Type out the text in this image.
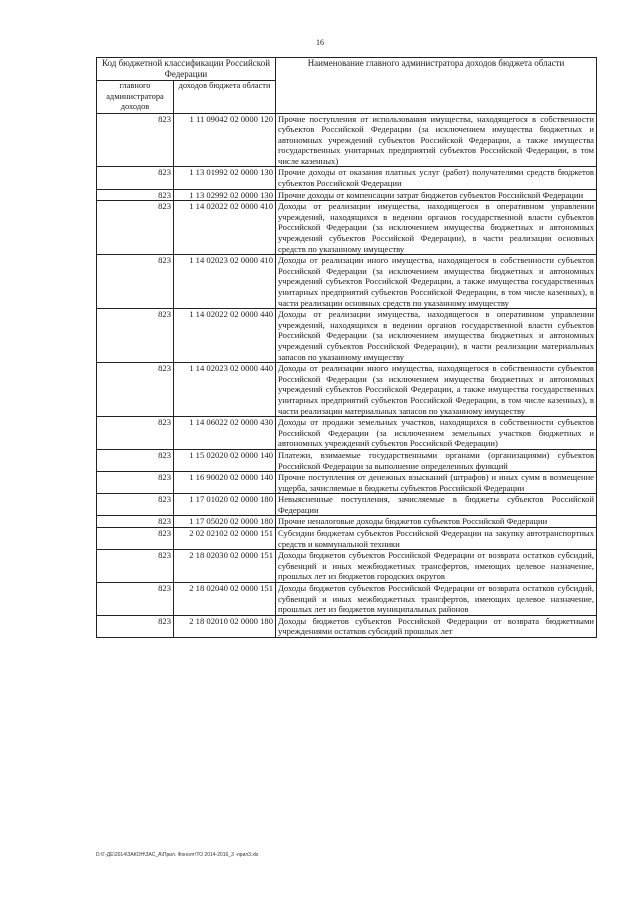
16
Код бюджетной классификации Российской Федерации		Наименование главного администратора доходов бюджета области
главного администратора доходов	доходов бюджета области	
823	1 11 09042 02 0000 120	Прочие поступления от использования имущества, находящегося в собственности субъектов Российской Федерации (за исключением имущества бюджетных и автономных учреждений субъектов Российской Федерации, а также имущества государственных унитарных предприятий субъектов Российской Федерации, в том числе казенных)
823	1 13 01992 02 0000 130	Прочие доходы от оказания платных услуг (работ) получателями средств бюджетов субъектов Российской Федерации
823	1 13 02992 02 0000 130	Прочие доходы от компенсации затрат бюджетов субъектов Российской Федерации
823	1 14 02022 02 0000 410	Доходы от реализации имущества, находящегося в оперативном управлении учреждений, находящихся в ведении органов государственной власти субъектов Российской Федерации (за исключением имущества бюджетных и автономных учреждений субъектов Российской Федерации), в части реализации основных средств по указанному имуществу
823	1 14 02023 02 0000 410	Доходы от реализации иного имущества, находящегося в собственности субъектов Российской Федерации (за исключением имущества бюджетных и автономных учреждений субъектов Российской Федерации, а также имущества государственных унитарных предприятий субъектов Российской Федерации, в том числе казенных), в части реализации основных средств по указанному имуществу
823	1 14 02022 02 0000 440	Доходы от реализации имущества, находящегося в оперативном управлении учреждений, находящихся в ведении органов государственной власти субъектов Российской Федерации (за исключением имущества бюджетных и автономных учреждений субъектов Российской Федерации), в части реализации материальных запасов по указанному имуществу
823	1 14 02023 02 0000 440	Доходы от реализации иного имущества, находящегося в собственности субъектов Российской Федерации (за исключением имущества бюджетных и автономных учреждений субъектов Российской Федерации, а также имущества государственных унитарных предприятий субъектов Российской Федерации, в том числе казенных), в части реализации материальных запасов по указанному имуществу
823	1 14 06022 02 0000 430	Доходы от продажи земельных участков, находящихся в собственности субъектов Российской Федерации (за исключением земельных участков бюджетных и автономных учреждений субъектов Российской Федерации)
823	1 15 02020 02 0000 140	Платежи, взимаемые государственными органами (организациями) субъектов Российской Федерации за выполнение определенных функций
823	1 16 90020 02 0000 140	Прочие поступления от денежных взысканий (штрафов) и иных сумм в возмещение ущерба, зачисляемые в бюджеты субъектов Российской Федерации
823	1 17 01020 02 0000 180	Невыясненные поступления, зачисляемые в бюджеты субъектов Российской Федерации
823	1 17 05020 02 0000 180	Прочие неналоговые доходы бюджетов субъектов Российской Федерации
823	2 02 02102 02 0000 151	Субсидии бюджетам субъектов Российской Федерации на закупку автотранспортных средств и коммунальной техники
823	2 18 02030 02 0000 151	Доходы бюджетов субъектов Российской Федерации от возврата остатков субсидий, субвенций и иных межбюджетных трансфертов, имеющих целевое назначение, прошлых лет из бюджетов городских округов
823	2 18 02040 02 0000 151	Доходы бюджетов субъектов Российской Федерации от возврата остатков субсидий, субвенций и иных межбюджетных трансфертов, имеющих целевое назначение, прошлых лет из бюджетов муниципальных районов
823	2 18 02010 02 0000 180	Доходы бюджетов субъектов Российской Федерации от возврата бюджетными учреждениями остатков субсидий прошлых лет
D:\Г-ДЕ\2014\ЗАКОН\ЗАС_А\Прил. Фонолт\ТО 2014-2016_3 -прил3.xls
